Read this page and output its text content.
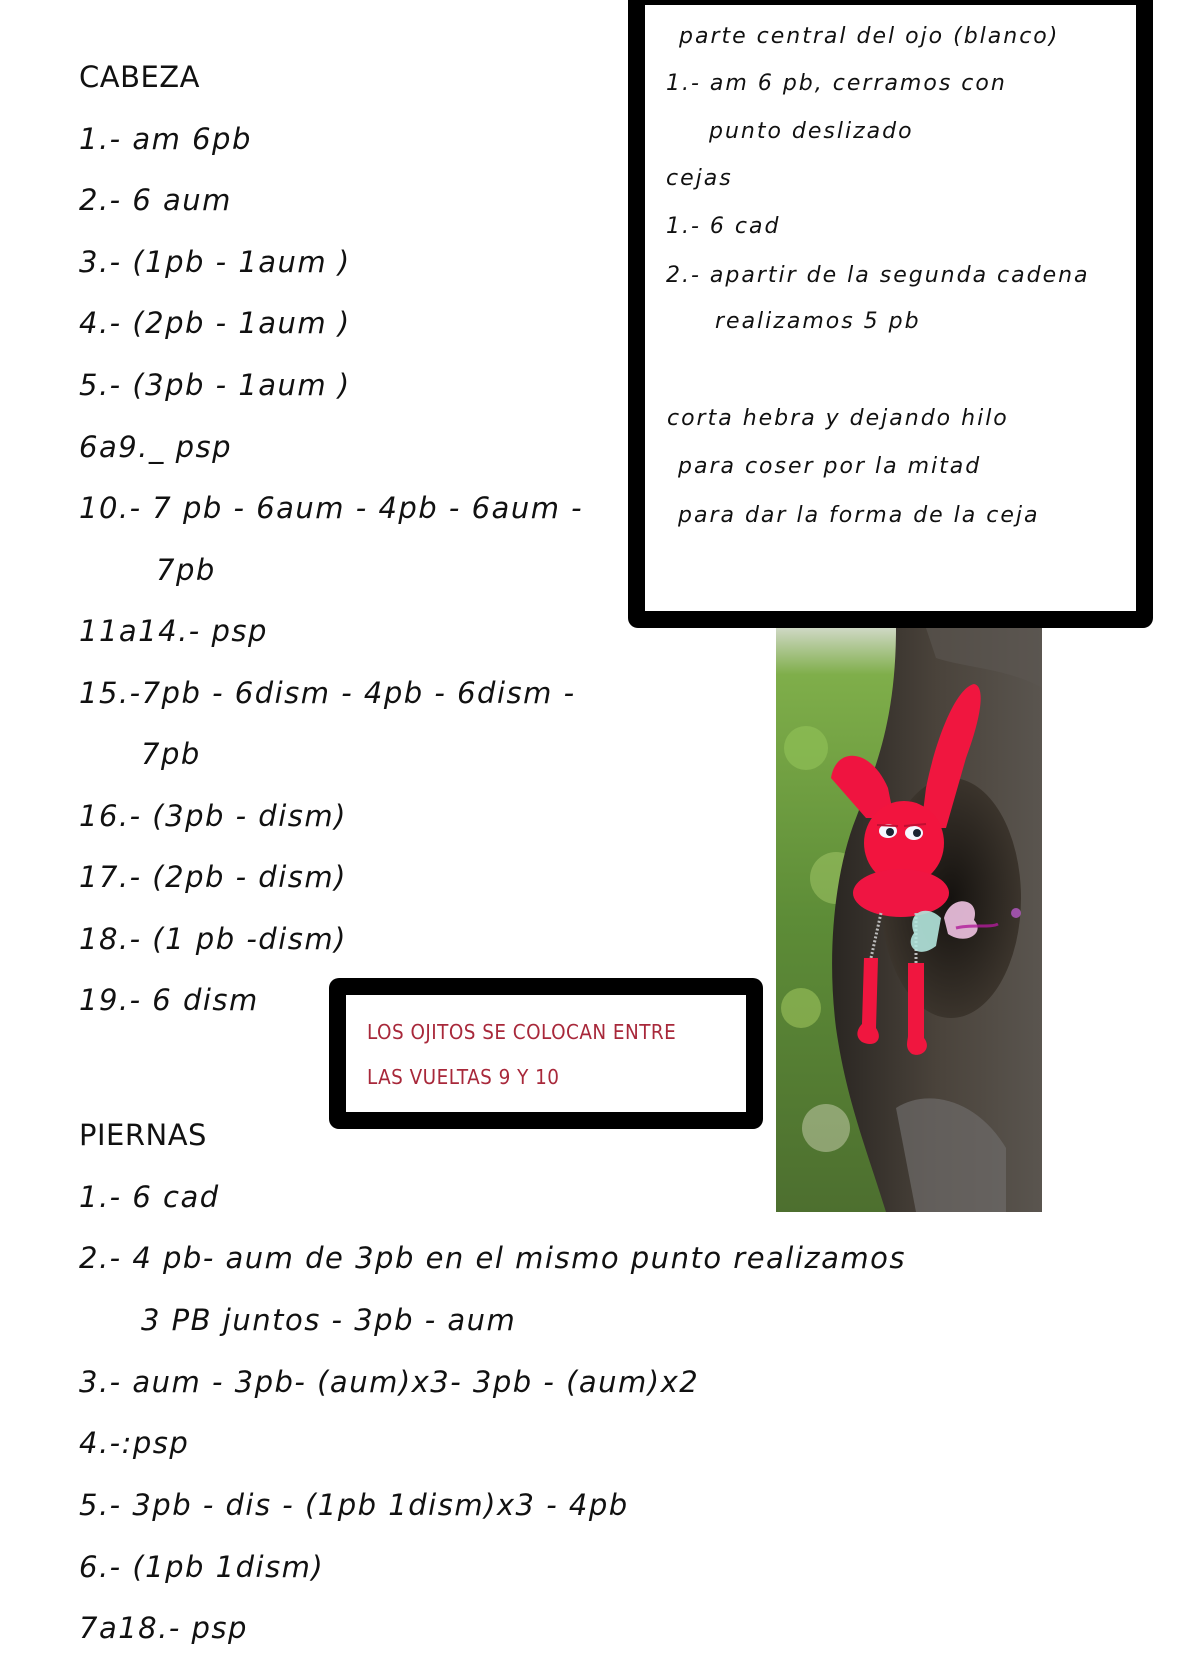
CABEZA
1.- am 6pb
2.- 6 aum
3.- (1pb - 1aum )
4.- (2pb - 1aum )
5.- (3pb - 1aum )
6a9._ psp
10.- 7 pb - 6aum - 4pb - 6aum -
7pb
11a14.- psp
15.-7pb - 6dism - 4pb - 6dism -
7pb
16.- (3pb - dism)
17.- (2pb - dism)
18.- (1 pb -dism)
19.- 6 dism
PIERNAS
1.- 6 cad
2.- 4 pb- aum de 3pb en el mismo punto realizamos
3 PB juntos - 3pb - aum
3.- aum - 3pb- (aum)x3- 3pb - (aum)x2
4.-:psp
5.- 3pb - dis - (1pb 1dism)x3 - 4pb
6.- (1pb 1dism)
7a18.- psp
parte central del ojo (blanco)
1.- am 6 pb, cerramos con
punto deslizado
cejas
1.- 6 cad
2.- apartir de la segunda cadena
realizamos 5 pb
corta hebra y dejando hilo
para coser por la mitad
para dar la forma de la ceja
LOS OJITOS SE COLOCAN ENTRE
LAS VUELTAS 9 Y 10
